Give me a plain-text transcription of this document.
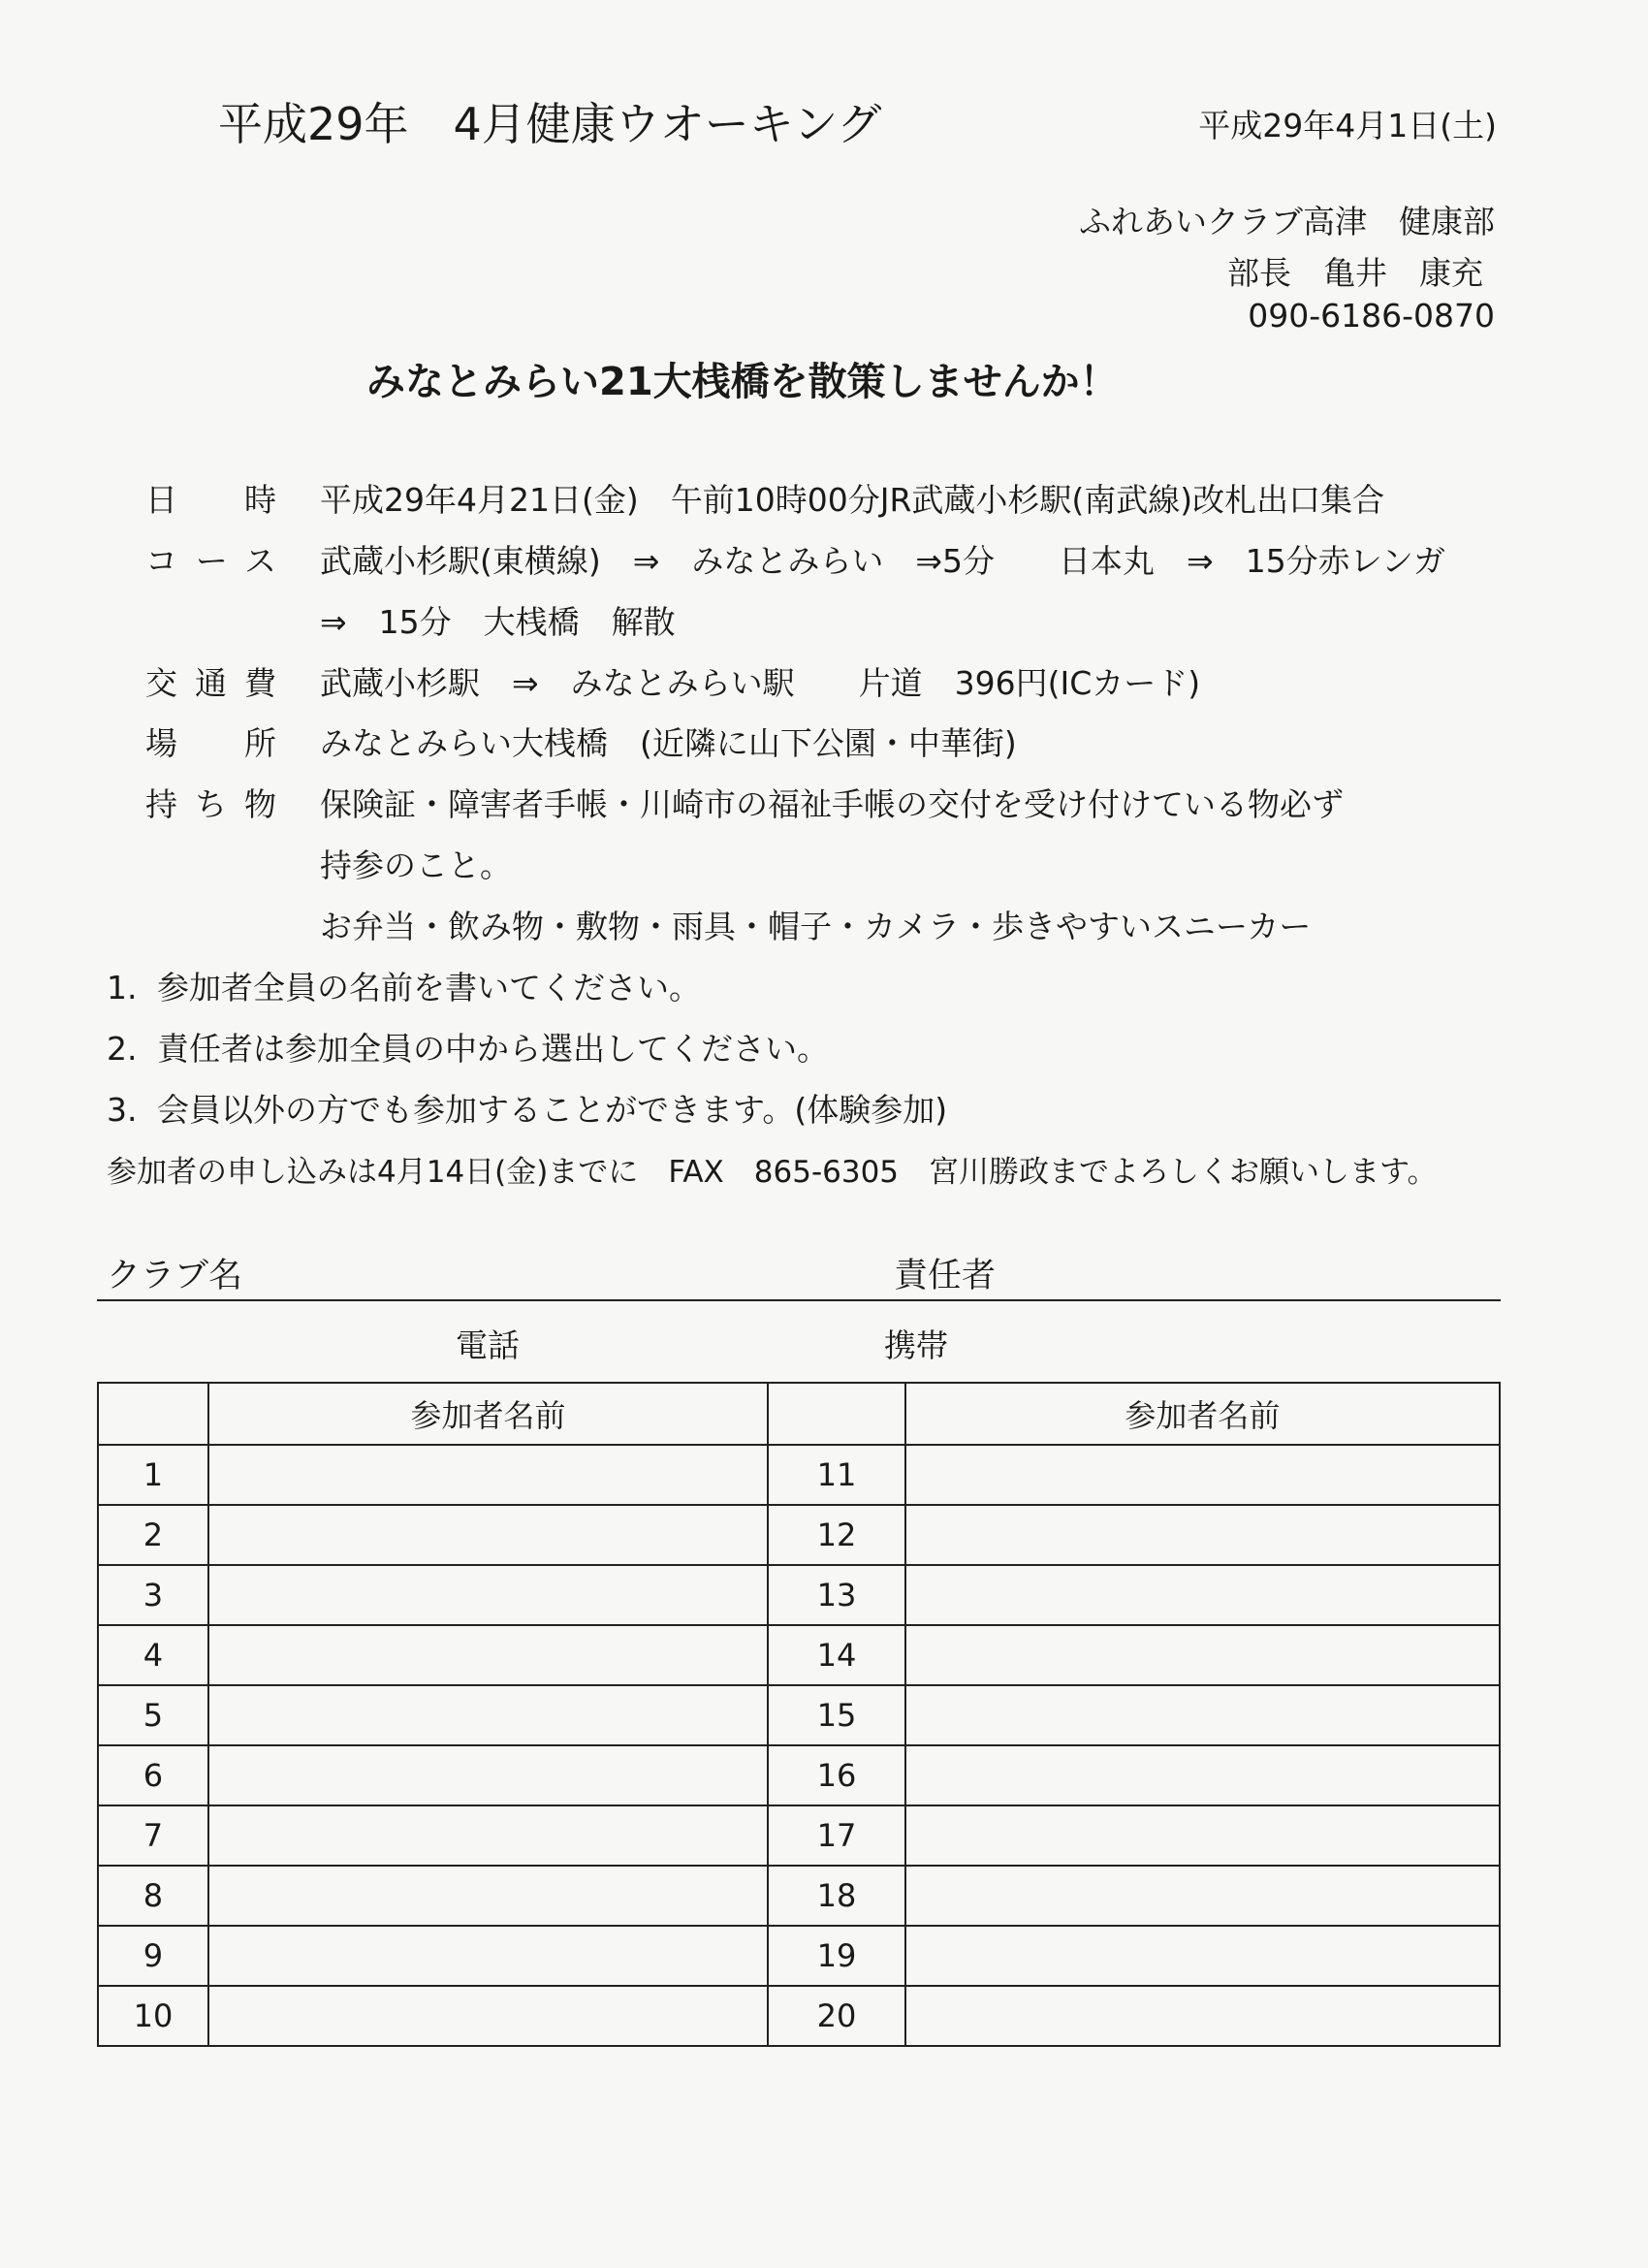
平成29年　4月健康ウオーキング	平成29年4月1日(土)
ふれあいクラブ高津　健康部
部長　亀井　康充
090-6186-0870
みなとみらい21大桟橋を散策しませんか！
日時 平成29年4月21日(金)　午前10時00分JR武蔵小杉駅(南武線)改札出口集合
コース 武蔵小杉駅(東横線)　⇒　みなとみらい　⇒5分　　日本丸　⇒　15分赤レンガ
⇒　15分　大桟橋　解散
交通費 武蔵小杉駅　⇒　みなとみらい駅　　片道　396円(ICカード)
場所 みなとみらい大桟橋　(近隣に山下公園・中華街)
持ち物 保険証・障害者手帳・川崎市の福祉手帳の交付を受け付けている物必ず
持参のこと。
お弁当・飲み物・敷物・雨具・帽子・カメラ・歩きやすいスニーカー
1. 参加者全員の名前を書いてください。
2. 責任者は参加全員の中から選出してください。
3. 会員以外の方でも参加することができます。(体験参加)
参加者の申し込みは4月14日(金)までに　FAX　865-6305　宮川勝政までよろしくお願いします。
クラブ名	責任者
電話	携帯
	参加者名前		参加者名前
1		11	
2		12	
3		13	
4		14	
5		15	
6		16	
7		17	
8		18	
9		19	
10		20	
